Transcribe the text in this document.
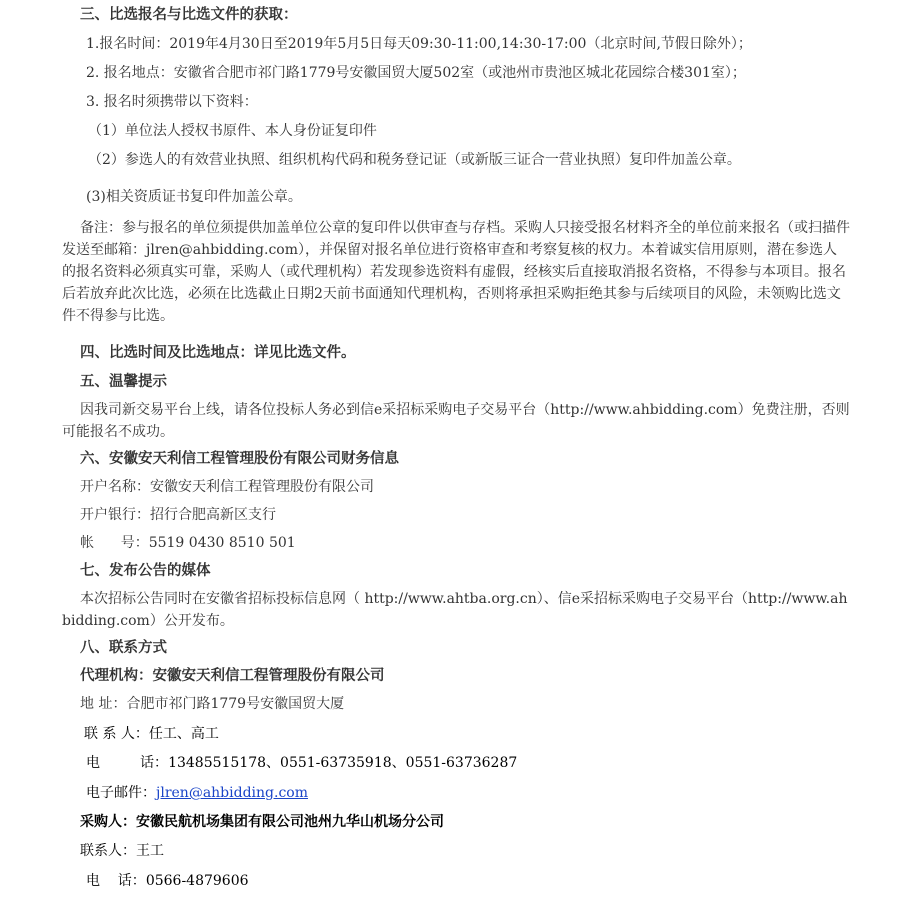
三、比选报名与比选文件的获取：

1.报名时间：2019年4月30日至2019年5月5日每天09:30-11:00,14:30-17:00（北京时间,节假日除外）；

2. 报名地点：安徽省合肥市祁门路1779号安徽国贸大厦502室（或池州市贵池区城北花园综合楼301室）；

3. 报名时须携带以下资料：

（1）单位法人授权书原件、本人身份证复印件

（2）参选人的有效营业执照、组织机构代码和税务登记证（或新版三证合一营业执照）复印件加盖公章。

(3)相关资质证书复印件加盖公章。

备注：参与报名的单位须提供加盖单位公章的复印件以供审查与存档。采购人只接受报名材料齐全的单位前来报名（或扫描件发送至邮箱：jlren@ahbidding.com），并保留对报名单位进行资格审查和考察复核的权力。本着诚实信用原则，潜在参选人的报名资料必须真实可靠，采购人（或代理机构）若发现参选资料有虚假，经核实后直接取消报名资格，不得参与本项目。报名后若放弃此次比选，必须在比选截止日期2天前书面通知代理机构，否则将承担采购拒绝其参与后续项目的风险，未领购比选文件不得参与比选。

四、比选时间及比选地点：详见比选文件。

五、温馨提示

因我司新交易平台上线，请各位投标人务必到信e采招标采购电子交易平台（http://www.ahbidding.com）免费注册，否则可能报名不成功。

六、安徽安天利信工程管理股份有限公司财务信息

开户名称：安徽安天利信工程管理股份有限公司

开户银行：招行合肥高新区支行

帐      号：5519 0430 8510 501

七、发布公告的媒体

本次招标公告同时在安徽省招标投标信息网（ http://www.ahtba.org.cn）、信e采招标采购电子交易平台（http://www.ahbidding.com）公开发布。

八、联系方式

代理机构：安徽安天利信工程管理股份有限公司

地 址：合肥市祁门路1779号安徽国贸大厦

联 系 人：任工、高工

电         话：13485515178、0551-63735918、0551-63736287

电子邮件：jlren@ahbidding.com

采购人：安徽民航机场集团有限公司池州九华山机场分公司

联系人：王工

电    话：0566-4879606
